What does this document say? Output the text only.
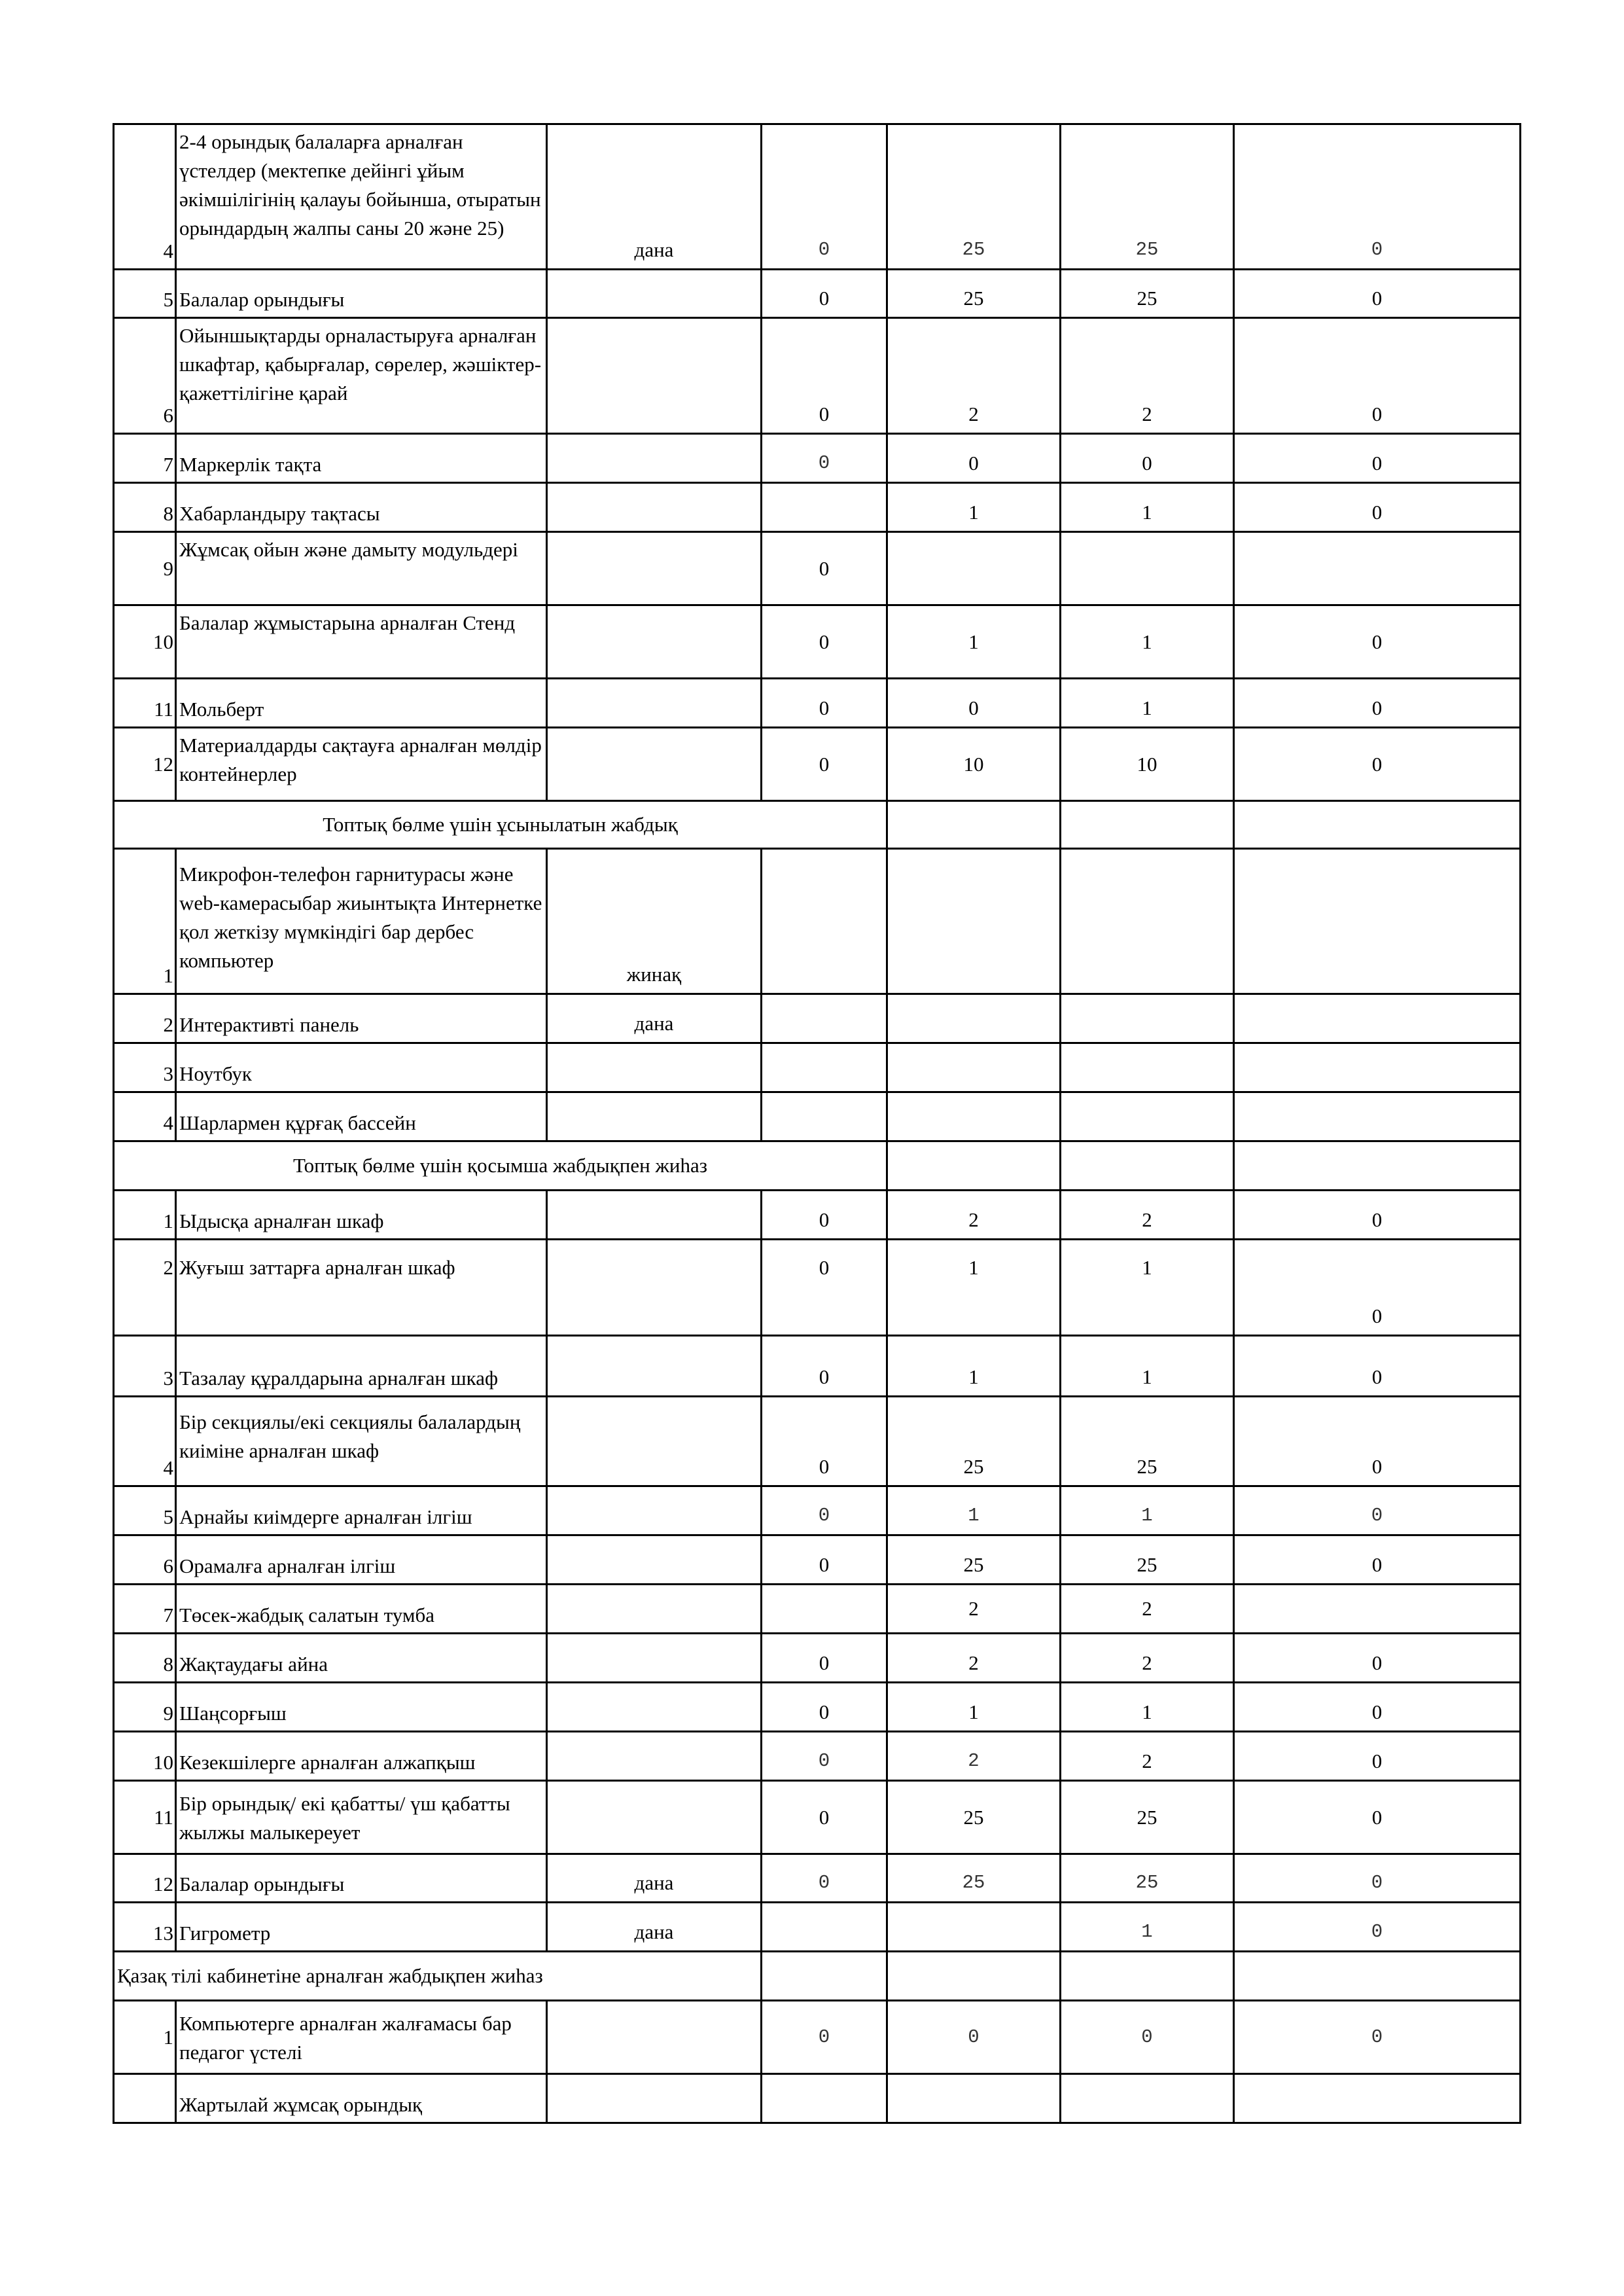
4	2-4 орындық балаларға арналған үстелдер (мектепке дейінгі ұйым әкімшілігінің қалауы бойынша, отыратын орындардың жалпы саны 20 және 25)	дана	0	25	25	0
5	Балалар орындығы		0	25	25	0
6	Ойыншықтарды орналастыруға арналған шкафтар, қабырғалар, сөрелер, жәшіктер-қажеттілігіне қарай		0	2	2	0
7	Маркерлік тақта		0	0	0	0
8	Хабарландыру тақтасы			1	1	0
9	Жұмсақ ойын және дамыту модульдері		0			
10	Балалар жұмыстарына арналған Стенд		0	1	1	0
11	Мольберт		0	0	1	0
12	Материалдарды сақтауға арналған мөлдір контейнерлер		0	10	10	0
Топтық бөлме үшін ұсынылатын жабдық						
1	Микрофон-телефон гарнитурасы және web-камерасыбар жиынтықта Интернетке қол жеткізу мүмкіндігі бар дербес компьютер	жинақ				
2	Интерактивті панель	дана				
3	Ноутбук					
4	Шарлармен құрғақ бассейн					
Топтық бөлме үшін қосымша жабдықпен жиһаз						
1	Ыдысқа арналған шкаф		0	2	2	0
2	Жуғыш заттарға арналған шкаф		0	1	1	0
3	Тазалау құралдарына арналған шкаф		0	1	1	0
4	Бір секциялы/екі секциялы балалардың киіміне арналған шкаф		0	25	25	0
5	Арнайы киімдерге арналған ілгіш		0	1	1	0
6	Орамалға арналған ілгіш		0	25	25	0
7	Төсек-жабдық салатын тумба			2	2	
8	Жақтаудағы айна		0	2	2	0
9	Шаңсорғыш		0	1	1	0
10	Кезекшілерге арналған алжапқыш		0	2	2	0
11	Бір орындық/ екі қабатты/ үш қабатты жылжы малыкереует		0	25	25	0
12	Балалар орындығы	дана	0	25	25	0
13	Гигрометр	дана			1	0
Қазақ тілі кабинетіне арналған жабдықпен жиһаз						
1	Компьютерге арналған жалғамасы бар педагог үстелі		0	0	0	0
	Жартылай жұмсақ орындық					
